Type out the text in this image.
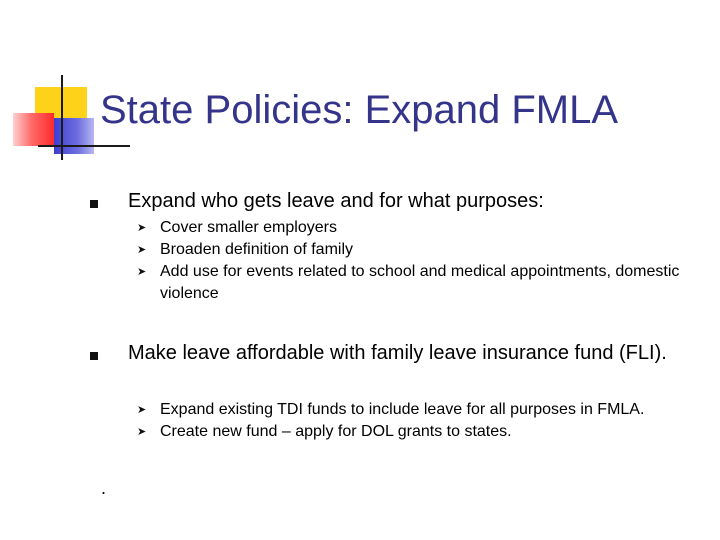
State Policies: Expand FMLA
Expand who gets leave and for what purposes:
➤ Cover smaller employers
➤ Broaden definition of family
➤ Add use for events related to school and medical appointments, domestic violence
Make leave affordable with family leave insurance fund (FLI).
➤ Expand existing TDI funds to include leave for all purposes in FMLA.
➤ Create new fund – apply for DOL grants to states.
.
